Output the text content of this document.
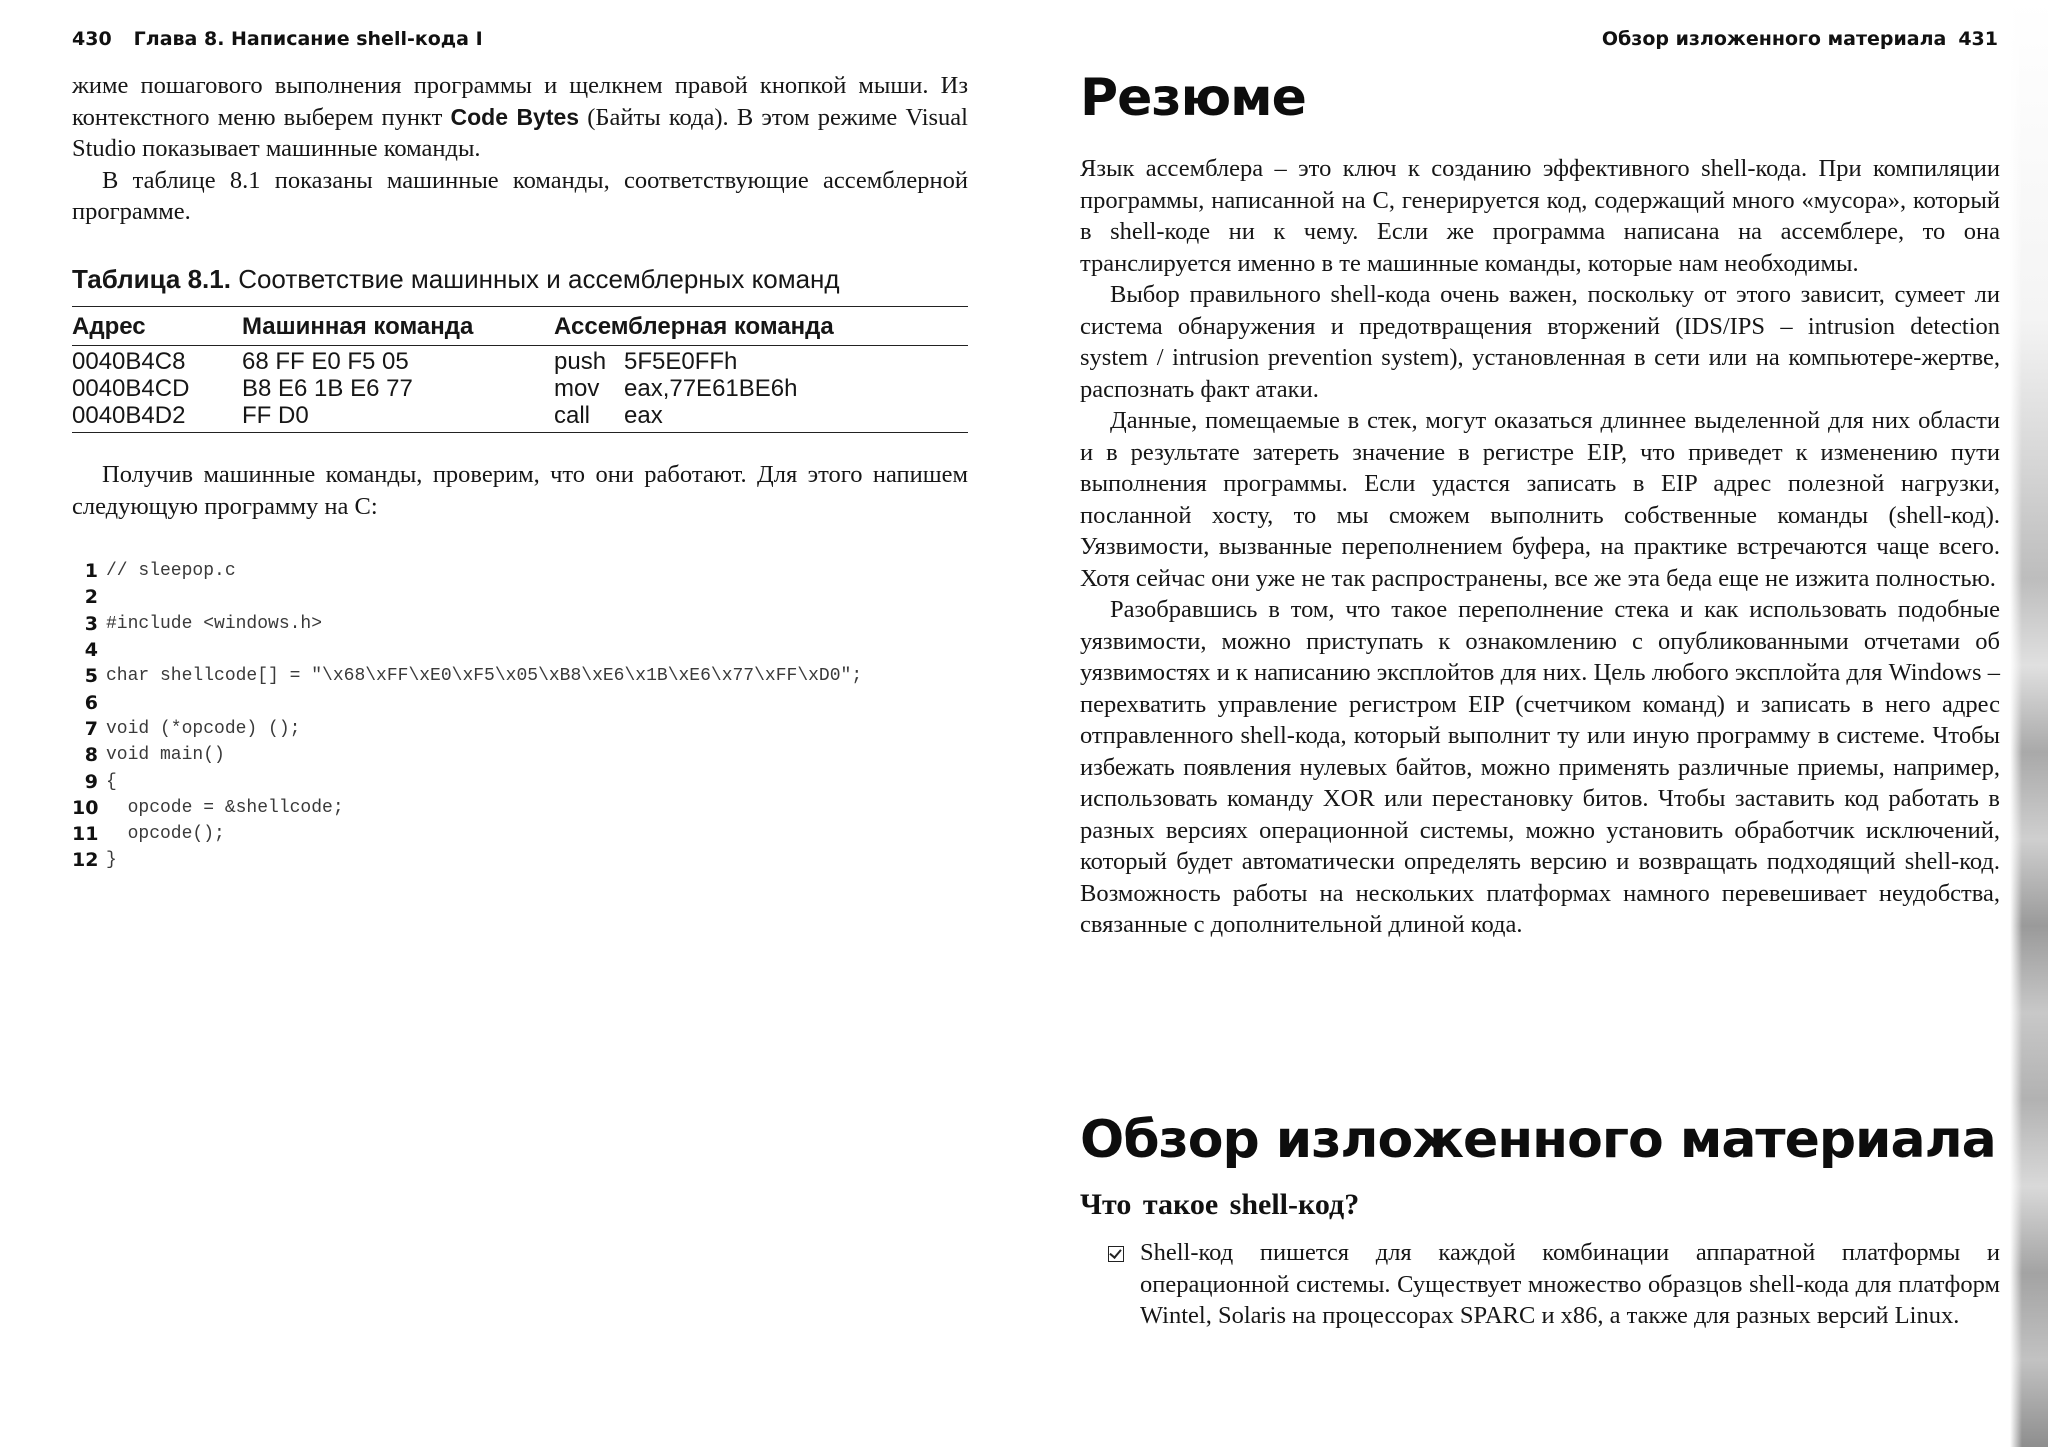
430 Глава 8. Написание shell-кода I

жиме пошагового выполнения программы и щелкнем правой кнопкой мыши. Из контекстного меню выберем пункт Code Bytes (Байты кода). В этом режиме Visual Studio показывает машинные команды.

В таблице 8.1 показаны машинные команды, соответствующие ассемблерной программе.

Таблица 8.1. Соответствие машинных и ассемблерных команд
Адрес	Машинная команда	Ассемблерная команда
0040B4C8	68 FF E0 F5 05	push 5F5E0FFh
0040B4CD	B8 E6 1B E6 77	mov eax,77E61BE6h
0040B4D2	FF D0	call eax

Получив машинные команды, проверим, что они работают. Для этого напишем следующую программу на C:

1 // sleepop.c
2
3 #include <windows.h>
4
5 char shellcode[] = "\x68\xFF\xE0\xF5\x05\xB8\xE6\x1B\xE6\x77\xFF\xD0";
6
7 void (*opcode) ();
8 void main()
9 {
10 opcode = &shellcode;
11 opcode();
12 }
Обзор изложенного материала 431
Резюме

Язык ассемблера – это ключ к созданию эффективного shell-кода. При компиляции программы, написанной на C, генерируется код, содержащий много «мусора», который в shell-коде ни к чему. Если же программа написана на ассемблере, то она транслируется именно в те машинные команды, которые нам необходимы.

Выбор правильного shell-кода очень важен, поскольку от этого зависит, сумеет ли система обнаружения и предотвращения вторжений (IDS/IPS – intrusion detection system / intrusion prevention system), установленная в сети или на компьютере-жертве, распознать факт атаки.

Данные, помещаемые в стек, могут оказаться длиннее выделенной для них области и в результате затереть значение в регистре EIP, что приведет к изменению пути выполнения программы. Если удастся записать в EIP адрес полезной нагрузки, посланной хосту, то мы сможем выполнить собственные команды (shell-код). Уязвимости, вызванные переполнением буфера, на практике встречаются чаще всего. Хотя сейчас они уже не так распространены, все же эта беда еще не изжита полностью.

Разобравшись в том, что такое переполнение стека и как использовать подобные уязвимости, можно приступать к ознакомлению с опубликованными отчетами об уязвимостях и к написанию эксплойтов для них. Цель любого эксплойта для Windows – перехватить управление регистром EIP (счетчиком команд) и записать в него адрес отправленного shell-кода, который выполнит ту или иную программу в системе. Чтобы избежать появления нулевых байтов, можно применять различные приемы, например, использовать команду XOR или перестановку битов. Чтобы заставить код работать в разных версиях операционной системы, можно установить обработчик исключений, который будет автоматически определять версию и возвращать подходящий shell-код. Возможность работы на нескольких платформах намного перевешивает неудобства, связанные с дополнительной длиной кода.

Обзор изложенного материала
Что такое shell-код?

Shell-код пишется для каждой комбинации аппаратной платформы и операционной системы. Существует множество образцов shell-кода для платформ Wintel, Solaris на процессорах SPARC и x86, а также для разных версий Linux.
